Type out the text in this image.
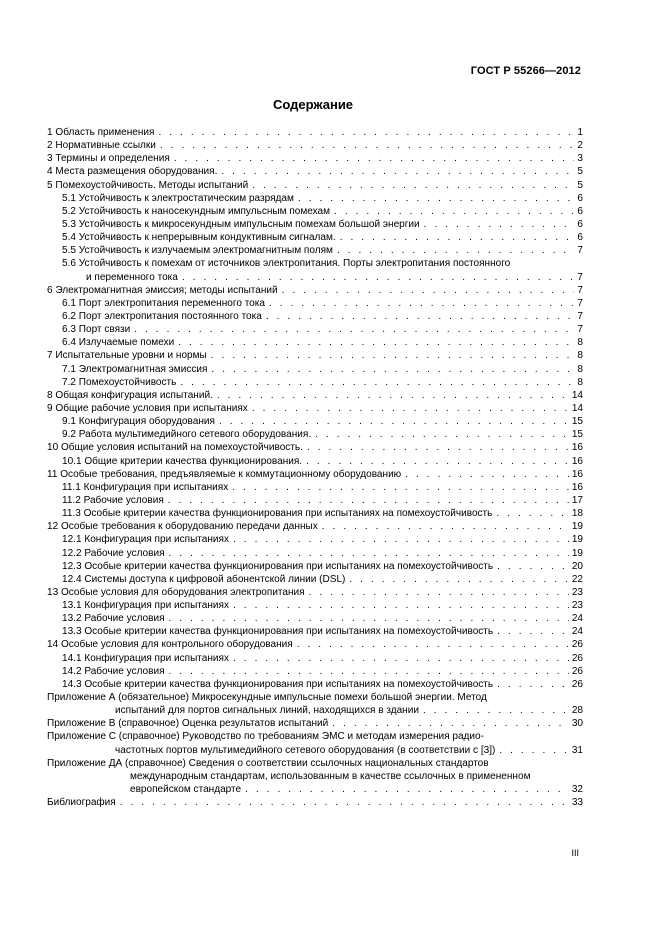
ГОСТ Р 55266—2012
Содержание
1 Область применения . . .	1
2 Нормативные ссылки . . .	2
3 Термины и определения . . .	3
4 Места размещения оборудования. . . .	5
5 Помехоустойчивость. Методы испытаний . . .	5
5.1 Устойчивость к электростатическим разрядам . . .	6
5.2 Устойчивость к наносекундным импульсным помехам . . .	6
5.3 Устойчивость к микросекундным импульсным помехам большой энергии . . .	6
5.4 Устойчивость к непрерывным кондуктивным сигналам. . . .	6
5.5 Устойчивость к излучаемым электромагнитным полям . . .	7
5.6 Устойчивость к помехам от источников электропитания. Порты электропитания постоянного
и переменного тока . . .	7
6 Электромагнитная эмиссия; методы испытаний . . .	7
6.1 Порт электропитания переменного тока . . .	7
6.2 Порт электропитания постоянного тока . . .	7
6.3 Порт связи . . .	7
6.4 Излучаемые помехи . . .	8
7 Испытательные уровни и нормы . . .	8
7.1 Электромагнитная эмиссия . . .	8
7.2 Помехоустойчивость . . .	8
8 Общая конфигурация испытаний. . . .	14
9 Общие рабочие условия при испытаниях . . .	14
9.1 Конфигурация оборудования . . .	15
9.2 Работа мультимедийного сетевого оборудования. . . .	15
10 Общие условия испытаний на помехоустойчивость. . . .	16
10.1 Общие критерии качества функционирования. . . .	16
11 Особые требования, предъявляемые к коммутационному оборудованию . . .	16
11.1 Конфигурация при испытаниях . . .	16
11.2 Рабочие условия . . .	17
11.3 Особые критерии качества функционирования при испытаниях на помехоустойчивость . . .	18
12 Особые требования к оборудованию передачи данных . . .	19
12.1 Конфигурация при испытаниях . . .	19
12.2 Рабочие условия . . .	19
12.3 Особые критерии качества функционирования при испытаниях на помехоустойчивость . . .	20
12.4 Системы доступа к цифровой абонентской линии (DSL) . . .	22
13 Особые условия для оборудования электропитания . . .	23
13.1 Конфигурация при испытаниях . . .	23
13.2 Рабочие условия . . .	24
13.3 Особые критерии качества функционирования при испытаниях на помехоустойчивость . . .	24
14 Особые условия для контрольного оборудования . . .	26
14.1 Конфигурация при испытаниях . . .	26
14.2 Рабочие условия . . .	26
14.3 Особые критерии качества функционирования при испытаниях на помехоустойчивость . . .	26
Приложение А (обязательное) Микросекундные импульсные помехи большой энергии. Метод
испытаний для портов сигнальных линий, находящихся в здании . . .	28
Приложение В (справочное) Оценка результатов испытаний . . .	30
Приложение С (справочное) Руководство по требованиям ЭМС и методам измерения радио-
частотных портов мультимедийного сетевого оборудования (в соответствии с [3]) . . .	31
Приложение ДА (справочное) Сведения о соответствии ссылочных национальных стандартов
международным стандартам, использованным в качестве ссылочных в примененном
европейском стандарте . . .	32
Библиография . . .	33
III
